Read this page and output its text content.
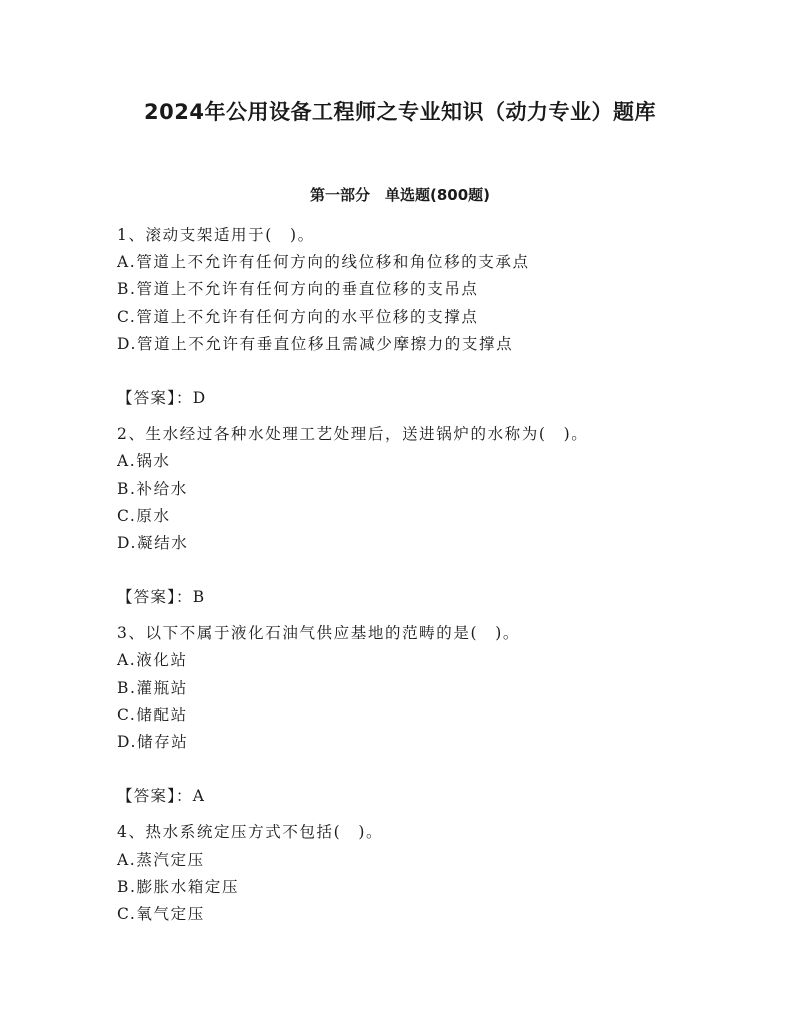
2024年公用设备工程师之专业知识（动力专业）题库
第一部分　单选题(800题)
1、滚动支架适用于(　)。
A.管道上不允许有任何方向的线位移和角位移的支承点
B.管道上不允许有任何方向的垂直位移的支吊点
C.管道上不允许有任何方向的水平位移的支撑点
D.管道上不允许有垂直位移且需减少摩擦力的支撑点
【答案】：D
2、生水经过各种水处理工艺处理后，送进锅炉的水称为(　)。
A.锅水
B.补给水
C.原水
D.凝结水
【答案】：B
3、以下不属于液化石油气供应基地的范畴的是(　)。
A.液化站
B.灌瓶站
C.储配站
D.储存站
【答案】：A
4、热水系统定压方式不包括(　)。
A.蒸汽定压
B.膨胀水箱定压
C.氧气定压
